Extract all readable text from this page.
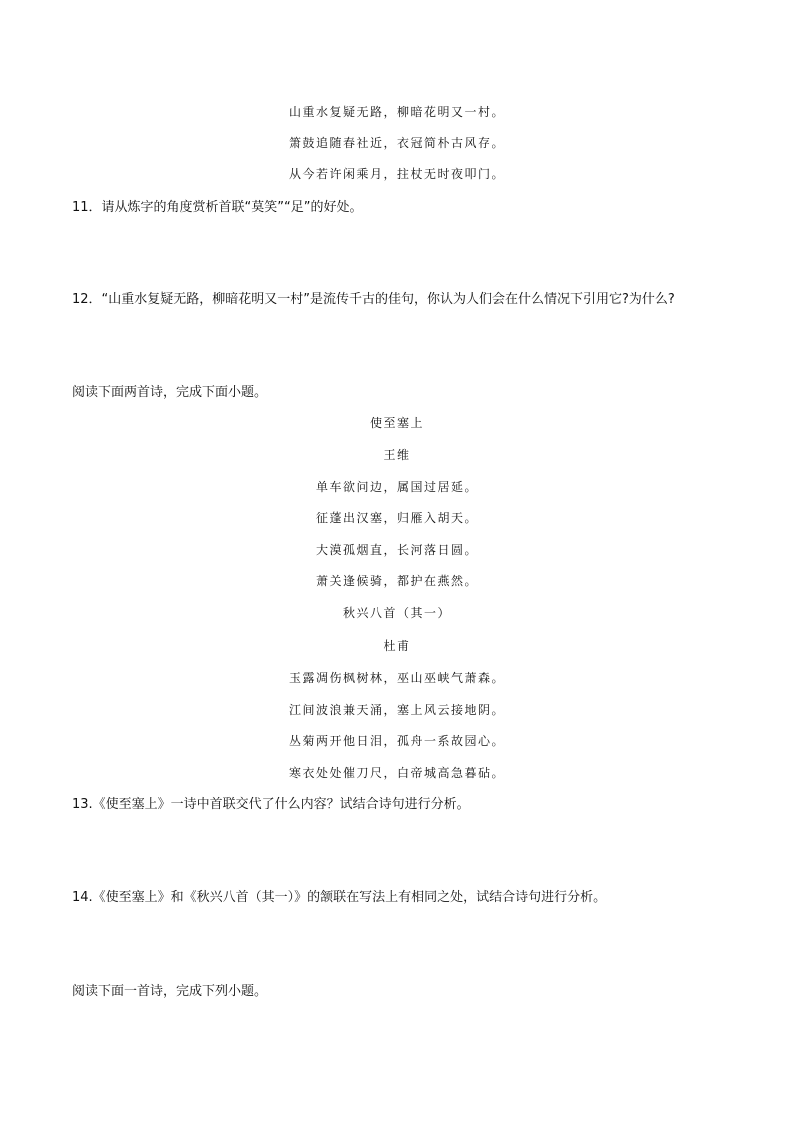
山重水复疑无路，柳暗花明又一村。
箫鼓追随春社近，衣冠简朴古风存。
从今若许闲乘月，拄杖无时夜叩门。
11．请从炼字的角度赏析首联“莫笑”“足”的好处。
12．“山重水复疑无路，柳暗花明又一村”是流传千古的佳句，你认为人们会在什么情况下引用它?为什么?
阅读下面两首诗，完成下面小题。
使至塞上
王维
单车欲问边，属国过居延。
征蓬出汉塞，归雁入胡天。
大漠孤烟直，长河落日圆。
萧关逢候骑，都护在燕然。
秋兴八首（其一）
杜甫
玉露凋伤枫树林，巫山巫峡气萧森。
江间波浪兼天涌，塞上风云接地阴。
丛菊两开他日泪，孤舟一系故园心。
寒衣处处催刀尺，白帝城高急暮砧。
13.《使至塞上》一诗中首联交代了什么内容？试结合诗句进行分析。
14.《使至塞上》和《秋兴八首（其一）》的颔联在写法上有相同之处，试结合诗句进行分析。
阅读下面一首诗，完成下列小题。
